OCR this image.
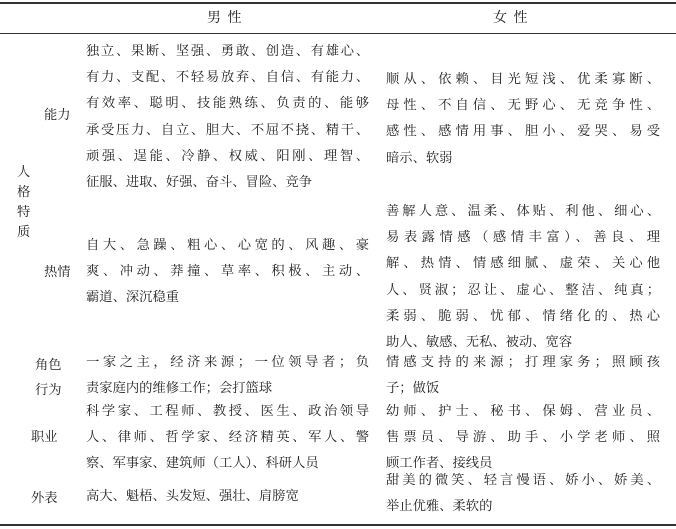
男 性	女 性
人格特质
能力
热情
角色行为
职业
外表
独立、果断、坚强、勇敢、创造、有雄心、
有力、支配、不轻易放弃、自信、有能力、
有效率、聪明、技能熟练、负责的、能够
承受压力、自立、胆大、不屈不挠、精干、
顽强、逞能、冷静、权威、阳刚、理智、
征服、进取、好强、奋斗、冒险、竞争
顺从、依赖、目光短浅、优柔寡断、
母性、不自信、无野心、无竞争性、
感性、感情用事、胆小、爱哭、易受
暗示、软弱
自大、急躁、粗心、心宽的、风趣、豪
爽、冲动、莽撞、草率、积极、主动、
霸道、深沉稳重
善解人意、温柔、体贴、利他、细心、
易表露情感（感情丰富）、善良、理
解、热情、情感细腻、虚荣、关心他
人、贤淑；忍让、虚心、整洁、纯真；
柔弱、脆弱、忧郁、情绪化的、热心
助人、敏感、无私、被动、宽容
一家之主，经济来源；一位领导者；负
责家庭内的维修工作；会打篮球
情感支持的来源；打理家务；照顾孩
子；做饭
科学家、工程师、教授、医生、政治领导
人、律师、哲学家、经济精英、军人、警
察、军事家、建筑师（工人）、科研人员
幼师、护士、秘书、保姆、营业员、
售票员、导游、助手、小学老师、照
顾工作者、接线员
高大、魁梧、头发短、强壮、肩膀宽
甜美的微笑、轻言慢语、娇小、娇美、
举止优雅、柔软的
